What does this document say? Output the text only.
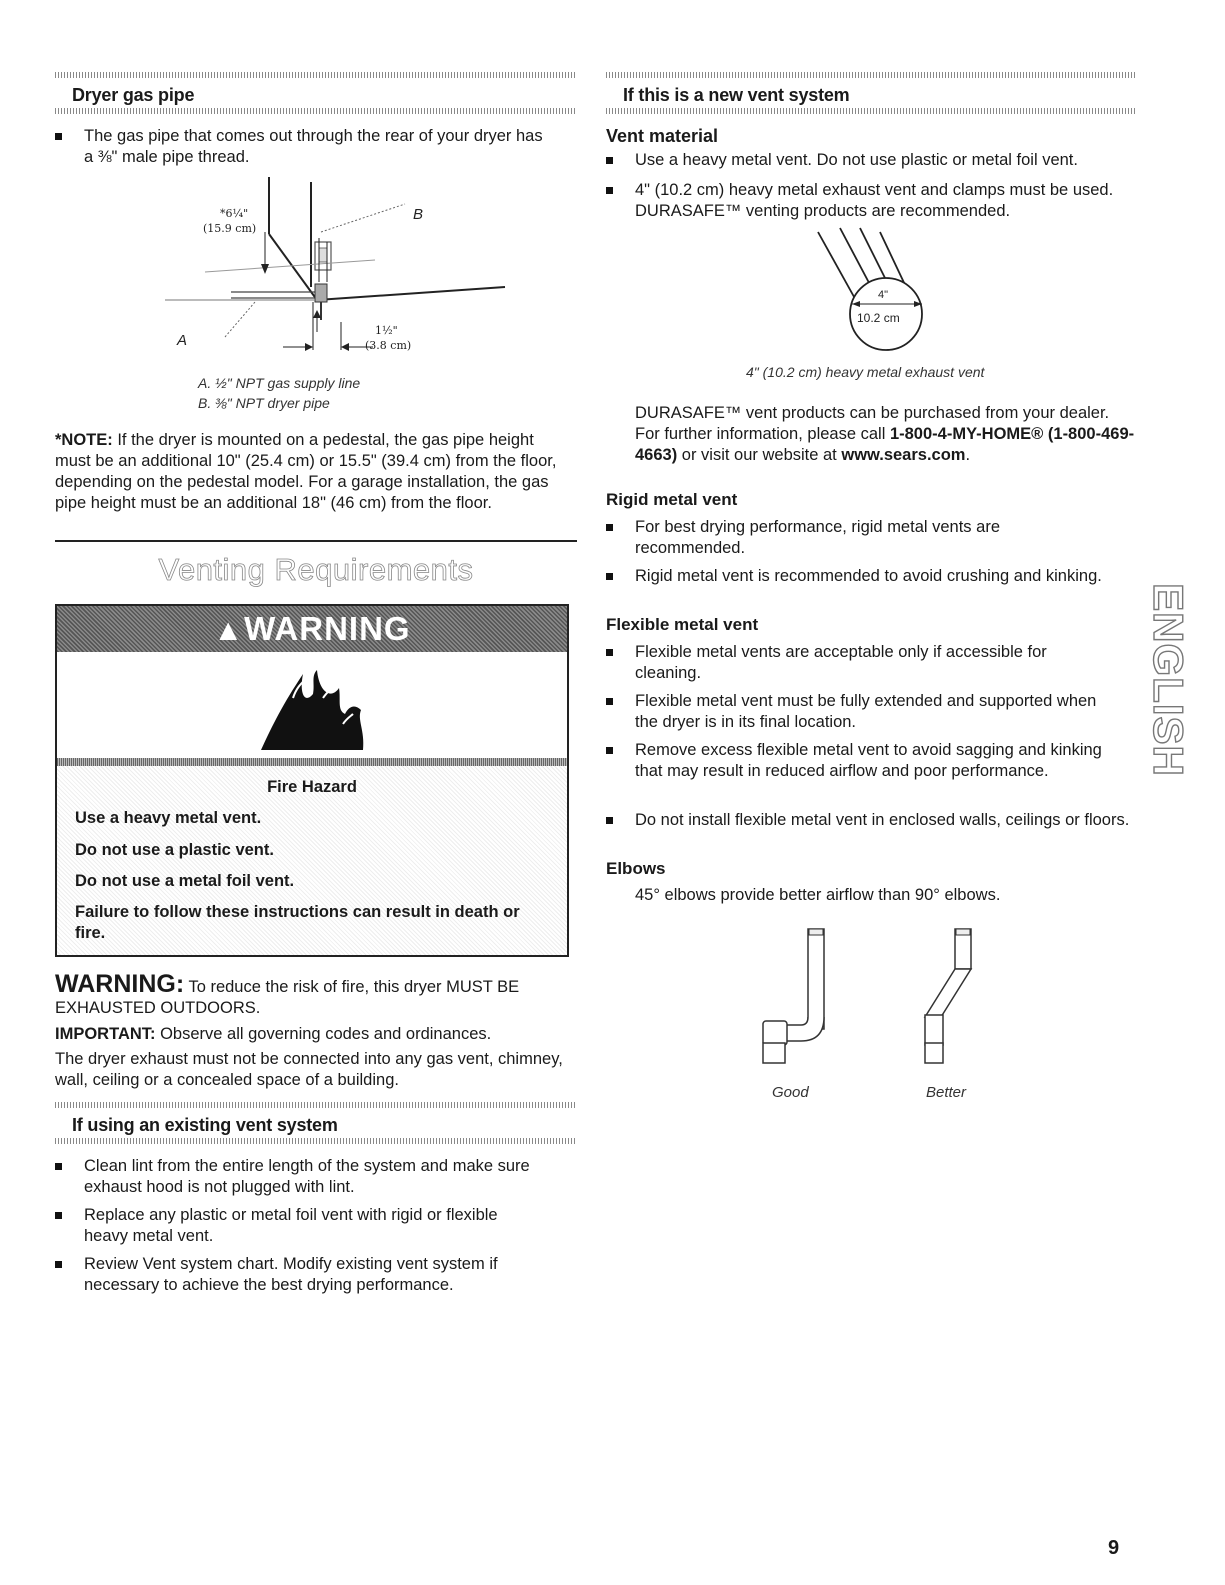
Dryer gas pipe
The gas pipe that comes out through the rear of your dryer has a ⅜" male pipe thread.
*6¼"
(15.9 cm)
1½"
(3.8 cm)
A
B
A. ½" NPT gas supply line
B. ⅜" NPT dryer pipe
*NOTE: If the dryer is mounted on a pedestal, the gas pipe height must be an additional 10" (25.4 cm) or 15.5" (39.4 cm) from the floor, depending on the pedestal model. For a garage installation, the gas pipe height must be an additional 18" (46 cm) from the floor.
Venting Requirements
▲WARNING
Fire Hazard
Use a heavy metal vent.
Do not use a plastic vent.
Do not use a metal foil vent.
Failure to follow these instructions can result in death or fire.
WARNING: To reduce the risk of fire, this dryer MUST BE EXHAUSTED OUTDOORS.
IMPORTANT: Observe all governing codes and ordinances.
The dryer exhaust must not be connected into any gas vent, chimney, wall, ceiling or a concealed space of a building.
If using an existing vent system
Clean lint from the entire length of the system and make sure exhaust hood is not plugged with lint.
Replace any plastic or metal foil vent with rigid or flexible heavy metal vent.
Review Vent system chart. Modify existing vent system if necessary to achieve the best drying performance.
If this is a new vent system
Vent material
Use a heavy metal vent. Do not use plastic or metal foil vent.
4" (10.2 cm) heavy metal exhaust vent and clamps must be used. DURASAFE™ venting products are recommended.
4"
10.2 cm
4" (10.2 cm) heavy metal exhaust vent
DURASAFE™ vent products can be purchased from your dealer. For further information, please call 1-800-4-MY-HOME® (1-800-469-4663) or visit our website at www.sears.com.
Rigid metal vent
For best drying performance, rigid metal vents are recommended.
Rigid metal vent is recommended to avoid crushing and kinking.
Flexible metal vent
Flexible metal vents are acceptable only if accessible for cleaning.
Flexible metal vent must be fully extended and supported when the dryer is in its final location.
Remove excess flexible metal vent to avoid sagging and kinking that may result in reduced airflow and poor performance.
Do not install flexible metal vent in enclosed walls, ceilings or floors.
Elbows
45° elbows provide better airflow than 90° elbows.
Good	Better
ENGLISH
9
